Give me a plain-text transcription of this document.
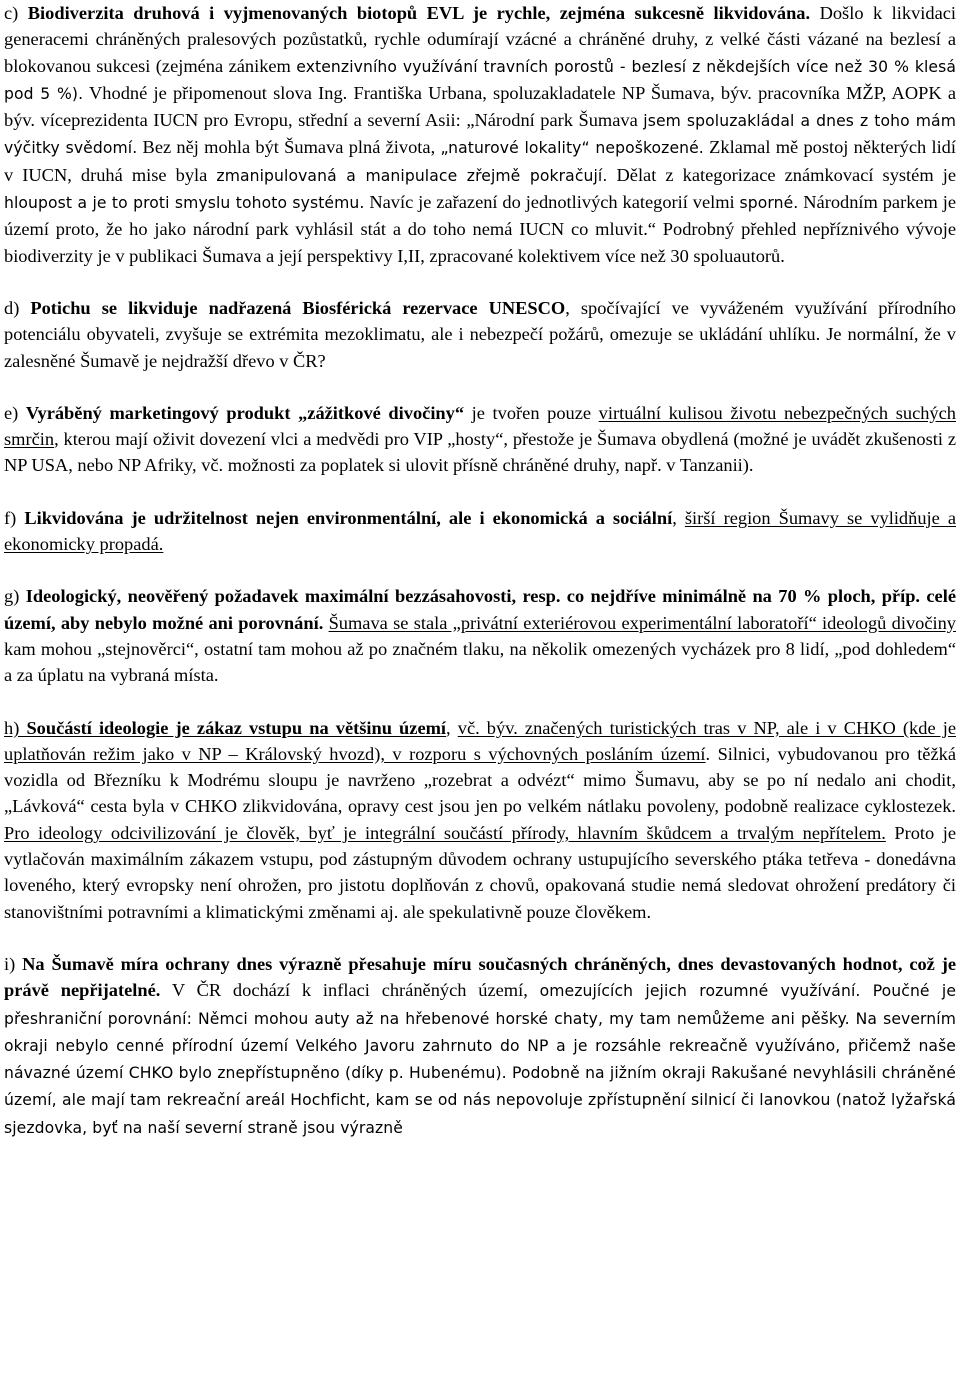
c) Biodiverzita druhová i vyjmenovaných biotopů EVL je rychle, zejména sukcesně likvidována. Došlo k likvidaci generacemi chráněných pralesových pozůstatků, rychle odumírají vzácné a chráněné druhy, z velké části vázané na bezlesí a blokovanou sukcesi (zejména zánikem extenzivního využívání travních porostů - bezlesí z někdejších více než 30 % klesá pod 5 %). Vhodné je připomenout slova Ing. Františka Urbana, spoluzakladatele NP Šumava, býv. pracovníka MŽP, AOPK a býv. víceprezidenta IUCN pro Evropu, střední a severní Asii: „Národní park Šumava jsem spoluzakládal a dnes z toho mám výčitky svědomí. Bez něj mohla být Šumava plná života, „naturové lokality“ nepoškozené. Zklamal mě postoj některých lidí v IUCN, druhá mise byla zmanipulovaná a manipulace zřejmě pokračují. Dělat z kategorizace známkovací systém je hloupost a je to proti smyslu tohoto systému. Navíc je zařazení do jednotlivých kategorií velmi sporné. Národním parkem je území proto, že ho jako národní park vyhlásil stát a do toho nemá IUCN co mluvit.“ Podrobný přehled nepříznivého vývoje biodiverzity je v publikaci Šumava a její perspektivy I,II, zpracované kolektivem více než 30 spoluautorů.

d) Potichu se likviduje nadřazená Biosférická rezervace UNESCO, spočívající ve vyváženém využívání přírodního potenciálu obyvateli, zvyšuje se extrémita mezoklimatu, ale i nebezpečí požárů, omezuje se ukládání uhlíku. Je normální, že v zalesněné Šumavě je nejdražší dřevo v ČR?

e) Vyráběný marketingový produkt „zážitkové divočiny“ je tvořen pouze virtuální kulisou životu nebezpečných suchých smrčin, kterou mají oživit dovezení vlci a medvědi pro VIP „hosty“, přestože je Šumava obydlená (možné je uvádět zkušenosti z NP USA, nebo NP Afriky, vč. možnosti za poplatek si ulovit přísně chráněné druhy, např. v Tanzanii).

f) Likvidována je udržitelnost nejen environmentální, ale i ekonomická a sociální, širší region Šumavy se vylidňuje a ekonomicky propadá.

g) Ideologický, neověřený požadavek maximální bezzásahovosti, resp. co nejdříve minimálně na 70 % ploch, příp. celé území, aby nebylo možné ani porovnání. Šumava se stala „privátní exteriérovou experimentální laboratoří“ ideologů divočiny kam mohou „stejnověrci“, ostatní tam mohou až po značném tlaku, na několik omezených vycházek pro 8 lidí, „pod dohledem“ a za úplatu na vybraná místa.

h) Součástí ideologie je zákaz vstupu na většinu území, vč. býv. značených turistických tras v NP, ale i v CHKO (kde je uplatňován režim jako v NP – Královský hvozd), v rozporu s výchovných posláním území. Silnici, vybudovanou pro těžká vozidla od Březníku k Modrému sloupu je navrženo „rozebrat a odvézt“ mimo Šumavu, aby se po ní nedalo ani chodit, „Lávková“ cesta byla v CHKO zlikvidována, opravy cest jsou jen po velkém nátlaku povoleny, podobně realizace cyklostezek. Pro ideology odcivilizování je člověk, byť je integrální součástí přírody, hlavním škůdcem a trvalým nepřítelem. Proto je vytlačován maximálním zákazem vstupu, pod zástupným důvodem ochrany ustupujícího severského ptáka tetřeva - donedávna loveného, který evropsky není ohrožen, pro jistotu doplňován z chovů, opakovaná studie nemá sledovat ohrožení predátory či stanovištními potravními a klimatickými změnami aj. ale spekulativně pouze člověkem.

i) Na Šumavě míra ochrany dnes výrazně přesahuje míru současných chráněných, dnes devastovaných hodnot, což je právě nepřijatelné. V ČR dochází k inflaci chráněných území, omezujících jejich rozumné využívání. Poučné je přeshraniční porovnání: Němci mohou auty až na hřebenové horské chaty, my tam nemůžeme ani pěšky. Na severním okraji nebylo cenné přírodní území Velkého Javoru zahrnuto do NP a je rozsáhle rekreačně využíváno, přičemž naše návazné území CHKO bylo znepřístupněno (díky p. Hubenému). Podobně na jižním okraji Rakušané nevyhlásili chráněné území, ale mají tam rekreační areál Hochficht, kam se od nás nepovoluje zpřístupnění silnicí či lanovkou (natož lyžařská sjezdovka, byť na naší severní straně jsou výrazně
